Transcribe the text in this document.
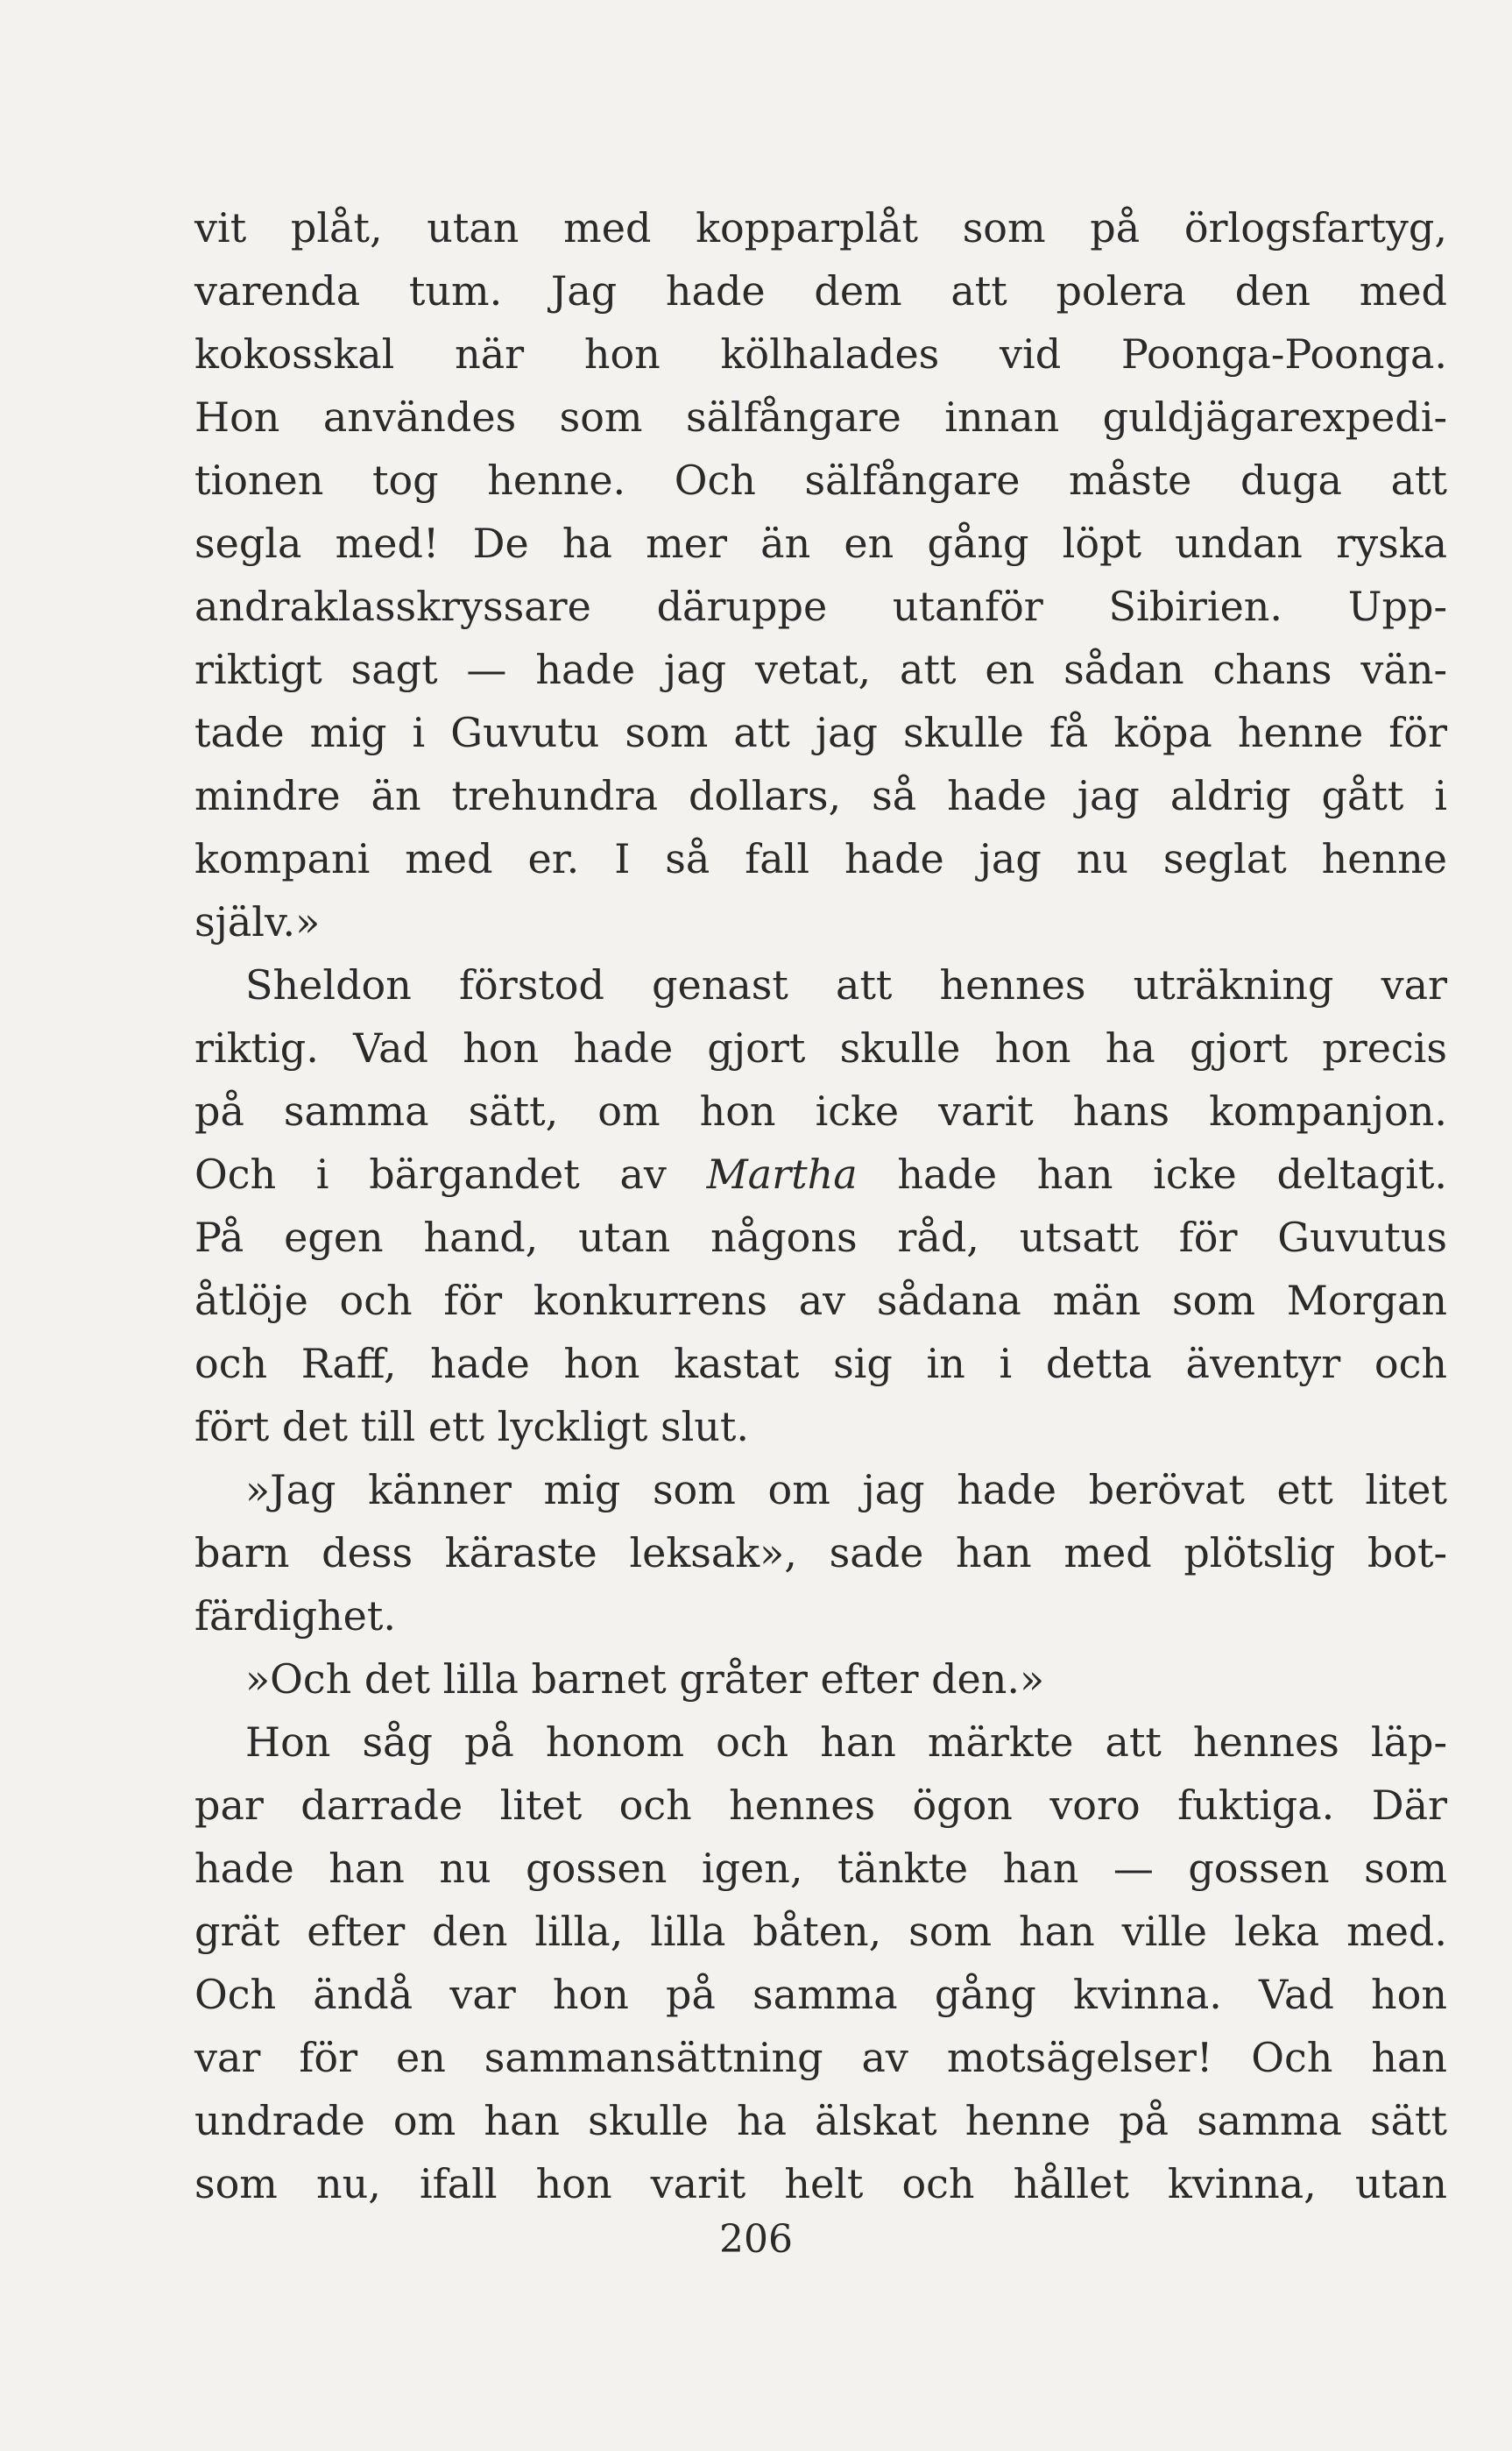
vit plåt, utan med kopparplåt som på örlogsfartyg,
varenda tum. Jag hade dem att polera den med
kokosskal när hon kölhalades vid Poonga-Poonga.
Hon användes som sälfångare innan guldjägarexpedi-
tionen tog henne. Och sälfångare måste duga att
segla med! De ha mer än en gång löpt undan ryska
andraklasskryssare däruppe utanför Sibirien. Upp-
riktigt sagt — hade jag vetat, att en sådan chans vän-
tade mig i Guvutu som att jag skulle få köpa henne för
mindre än trehundra dollars, så hade jag aldrig gått i
kompani med er. I så fall hade jag nu seglat henne
själv.»
Sheldon förstod genast att hennes uträkning var
riktig. Vad hon hade gjort skulle hon ha gjort precis
på samma sätt, om hon icke varit hans kompanjon.
Och i bärgandet av Martha hade han icke deltagit.
På egen hand, utan någons råd, utsatt för Guvutus
åtlöje och för konkurrens av sådana män som Morgan
och Raff, hade hon kastat sig in i detta äventyr och
fört det till ett lyckligt slut.
»Jag känner mig som om jag hade berövat ett litet
barn dess käraste leksak», sade han med plötslig bot-
färdighet.
»Och det lilla barnet gråter efter den.»
Hon såg på honom och han märkte att hennes läp-
par darrade litet och hennes ögon voro fuktiga. Där
hade han nu gossen igen, tänkte han — gossen som
grät efter den lilla, lilla båten, som han ville leka med.
Och ändå var hon på samma gång kvinna. Vad hon
var för en sammansättning av motsägelser! Och han
undrade om han skulle ha älskat henne på samma sätt
som nu, ifall hon varit helt och hållet kvinna, utan
206
